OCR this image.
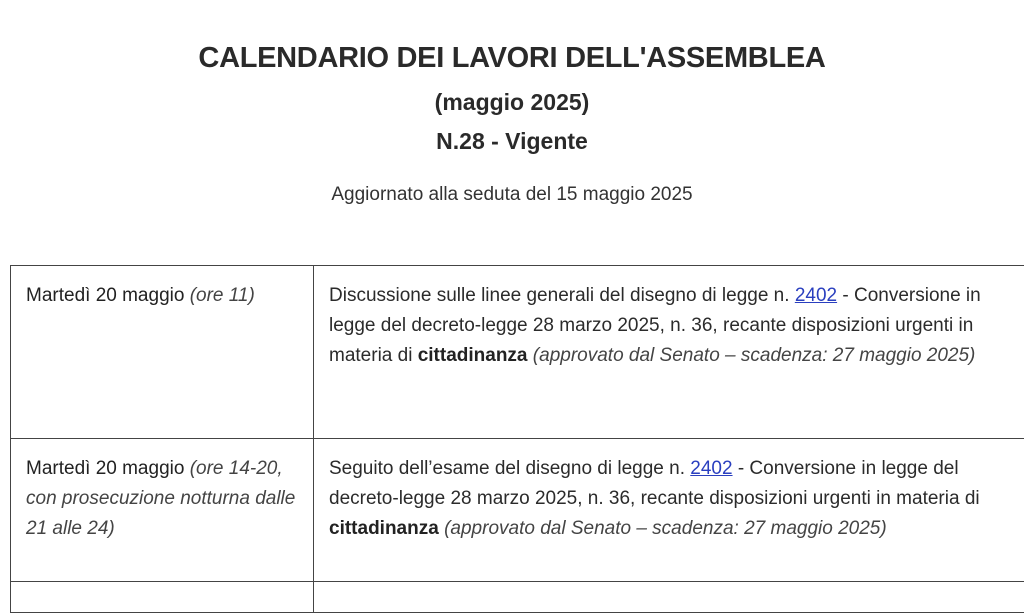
CALENDARIO DEI LAVORI DELL'ASSEMBLEA
(maggio 2025)
N.28 - Vigente
Aggiornato alla seduta del 15 maggio 2025
Martedì 20 maggio (ore 11)	Discussione sulle linee generali del disegno di legge n. 2402 - Conversione in legge del decreto-legge 28 marzo 2025, n. 36, recante disposizioni urgenti in materia di cittadinanza (approvato dal Senato – scadenza: 27 maggio 2025)

Martedì 20 maggio (ore 14-20, con prosecuzione notturna dalle 21 alle 24)	Seguito dell’esame del disegno di legge n. 2402 - Conversione in legge del decreto-legge 28 marzo 2025, n. 36, recante disposizioni urgenti in materia di cittadinanza (approvato dal Senato – scadenza: 27 maggio 2025)
